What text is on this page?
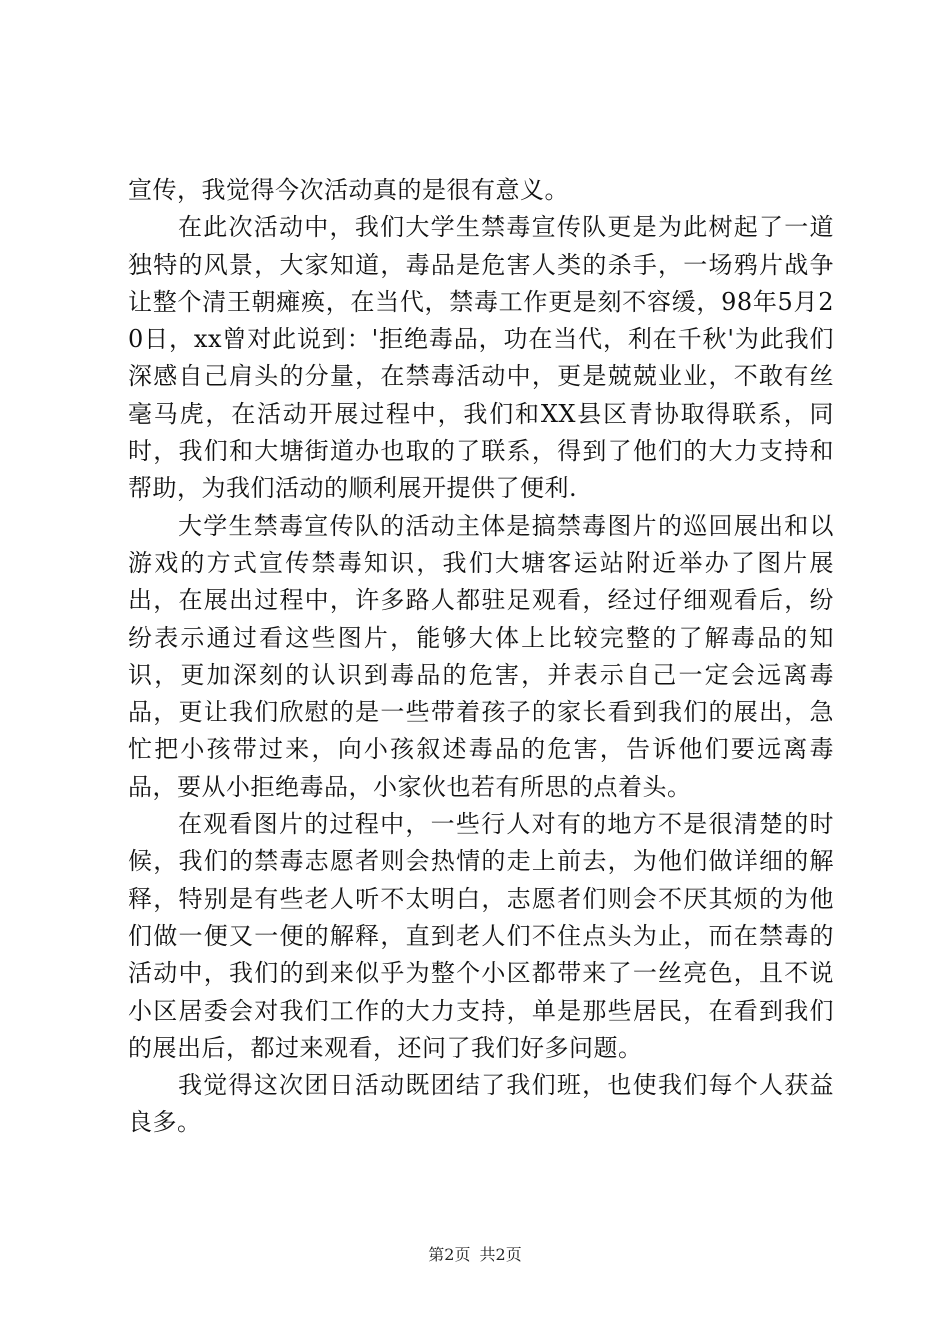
宣传，我觉得今次活动真的是很有意义。

在此次活动中，我们大学生禁毒宣传队更是为此树起了一道独特的风景，大家知道，毒品是危害人类的杀手，一场鸦片战争让整个清王朝瘫痪，在当代，禁毒工作更是刻不容缓，98年5月20日，xx曾对此说到：'拒绝毒品，功在当代，利在千秋'为此我们深感自己肩头的分量，在禁毒活动中，更是兢兢业业，不敢有丝毫马虎，在活动开展过程中，我们和XX县区青协取得联系，同时，我们和大塘街道办也取的了联系，得到了他们的大力支持和帮助，为我们活动的顺利展开提供了便利.

大学生禁毒宣传队的活动主体是搞禁毒图片的巡回展出和以游戏的方式宣传禁毒知识，我们大塘客运站附近举办了图片展出，在展出过程中，许多路人都驻足观看，经过仔细观看后，纷纷表示通过看这些图片，能够大体上比较完整的了解毒品的知识，更加深刻的认识到毒品的危害，并表示自己一定会远离毒品，更让我们欣慰的是一些带着孩子的家长看到我们的展出，急忙把小孩带过来，向小孩叙述毒品的危害，告诉他们要远离毒品，要从小拒绝毒品，小家伙也若有所思的点着头。

在观看图片的过程中，一些行人对有的地方不是很清楚的时候，我们的禁毒志愿者则会热情的走上前去，为他们做详细的解释，特别是有些老人听不太明白，志愿者们则会不厌其烦的为他们做一便又一便的解释，直到老人们不住点头为止，而在禁毒的活动中，我们的到来似乎为整个小区都带来了一丝亮色，且不说小区居委会对我们工作的大力支持，单是那些居民，在看到我们的展出后，都过来观看，还问了我们好多问题。

我觉得这次团日活动既团结了我们班，也使我们每个人获益良多。

第2页 共2页
